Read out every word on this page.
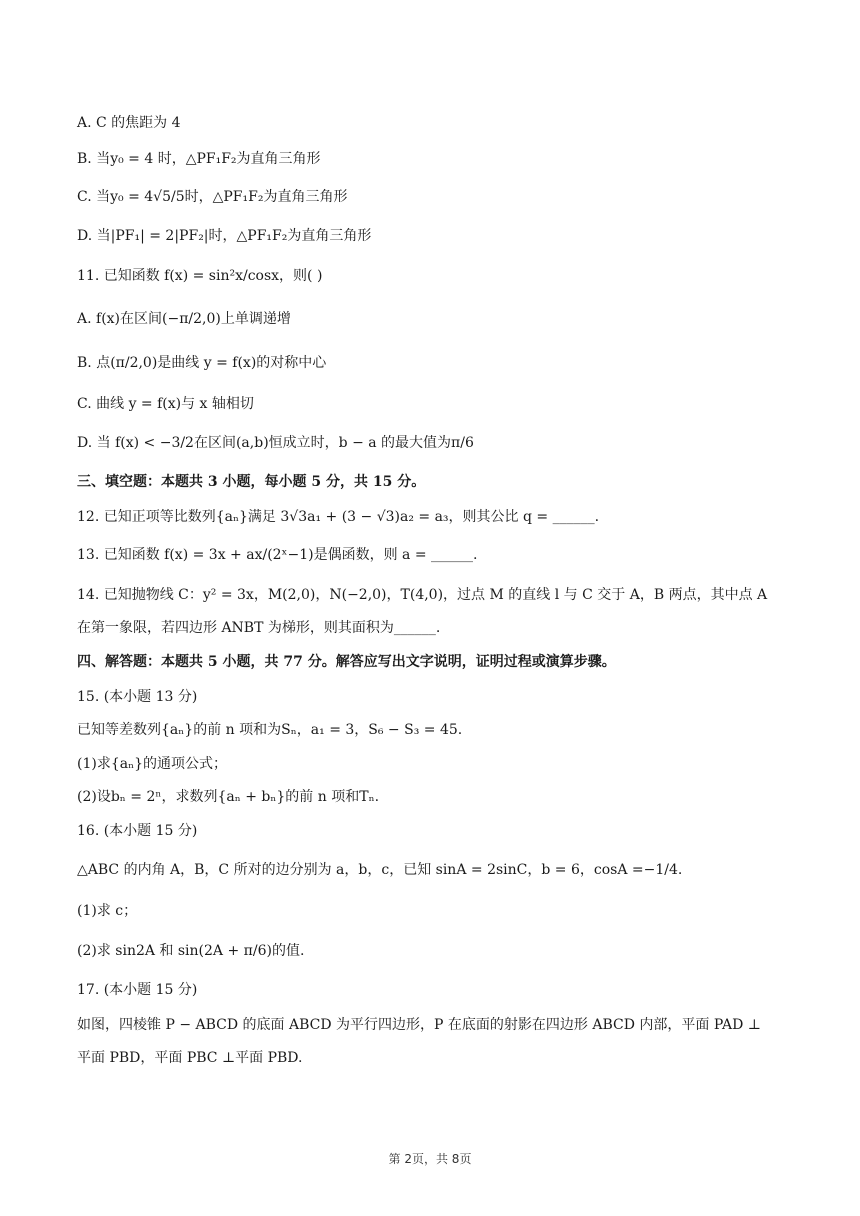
A. C 的焦距为 4
B. 当y₀ = 4 时，△PF₁F₂为直角三角形
C. 当y₀ = 4√5/5时，△PF₁F₂为直角三角形
D. 当|PF₁| = 2|PF₂|时，△PF₁F₂为直角三角形
11. 已知函数 f(x) = sin²x/cosx，则( )
A. f(x)在区间(−π/2,0)上单调递增
B. 点(π/2,0)是曲线 y = f(x)的对称中心
C. 曲线 y = f(x)与 x 轴相切
D. 当 f(x) < −3/2在区间(a,b)恒成立时，b − a 的最大值为π/6
三、填空题：本题共 3 小题，每小题 5 分，共 15 分。
12. 已知正项等比数列{aₙ}满足 3√3a₁ + (3 − √3)a₂ = a₃，则其公比 q = ______.
13. 已知函数 f(x) = 3x + ax/(2ˣ−1)是偶函数，则 a = ______.
14. 已知抛物线 C：y² = 3x，M(2,0)，N(−2,0)，T(4,0)，过点 M 的直线 l 与 C 交于 A，B 两点，其中点 A
在第一象限，若四边形 ANBT 为梯形，则其面积为______.
四、解答题：本题共 5 小题，共 77 分。解答应写出文字说明，证明过程或演算步骤。
15. (本小题 13 分)
已知等差数列{aₙ}的前 n 项和为Sₙ，a₁ = 3，S₆ − S₃ = 45.
(1)求{aₙ}的通项公式；
(2)设bₙ = 2ⁿ，求数列{aₙ + bₙ}的前 n 项和Tₙ.
16. (本小题 15 分)
△ABC 的内角 A，B，C 所对的边分别为 a，b，c，已知 sinA = 2sinC，b = 6，cosA =−1/4.
(1)求 c；
(2)求 sin2A 和 sin(2A + π/6)的值.
17. (本小题 15 分)
如图，四棱锥 P − ABCD 的底面 ABCD 为平行四边形，P 在底面的射影在四边形 ABCD 内部，平面 PAD ⊥
平面 PBD，平面 PBC ⊥平面 PBD.
第 2页，共 8页
